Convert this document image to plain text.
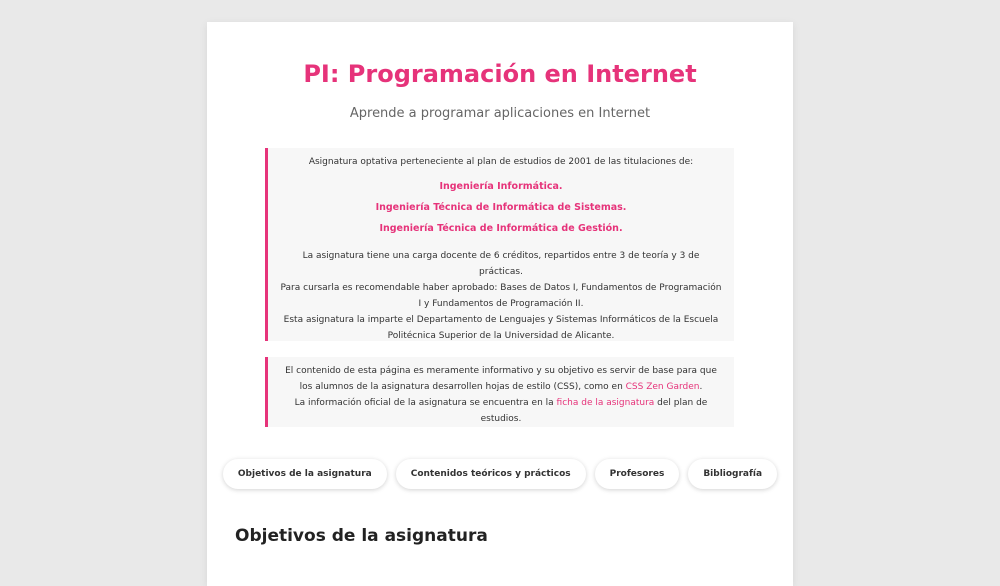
PI: Programación en Internet

Aprende a programar aplicaciones en Internet

Asignatura optativa perteneciente al plan de estudios de 2001 de las titulaciones de:

Ingeniería Informática.

Ingeniería Técnica de Informática de Sistemas.

Ingeniería Técnica de Informática de Gestión.

La asignatura tiene una carga docente de 6 créditos, repartidos entre 3 de teoría y 3 de prácticas.

Para cursarla es recomendable haber aprobado: Bases de Datos I, Fundamentos de Programación I y Fundamentos de Programación II.

Esta asignatura la imparte el Departamento de Lenguajes y Sistemas Informáticos de la Escuela Politécnica Superior de la Universidad de Alicante.

El contenido de esta página es meramente informativo y su objetivo es servir de base para que los alumnos de la asignatura desarrollen hojas de estilo (CSS), como en CSS Zen Garden.

La información oficial de la asignatura se encuentra en la ficha de la asignatura del plan de estudios.

Objetivos de la asignatura	Contenidos teóricos y prácticos	Profesores	Bibliografía
Objetivos de la asignatura
